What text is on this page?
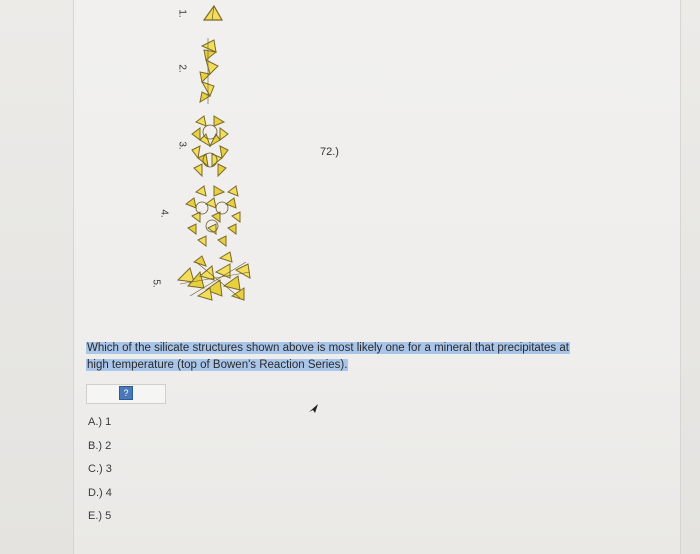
1.
2.
3.
4.
5.
72.)
Which of the silicate structures shown above is most likely one for a mineral that precipitates at
high temperature (top of Bowen's Reaction Series).
?
A.) 1
B.) 2
C.) 3
D.) 4
E.) 5
